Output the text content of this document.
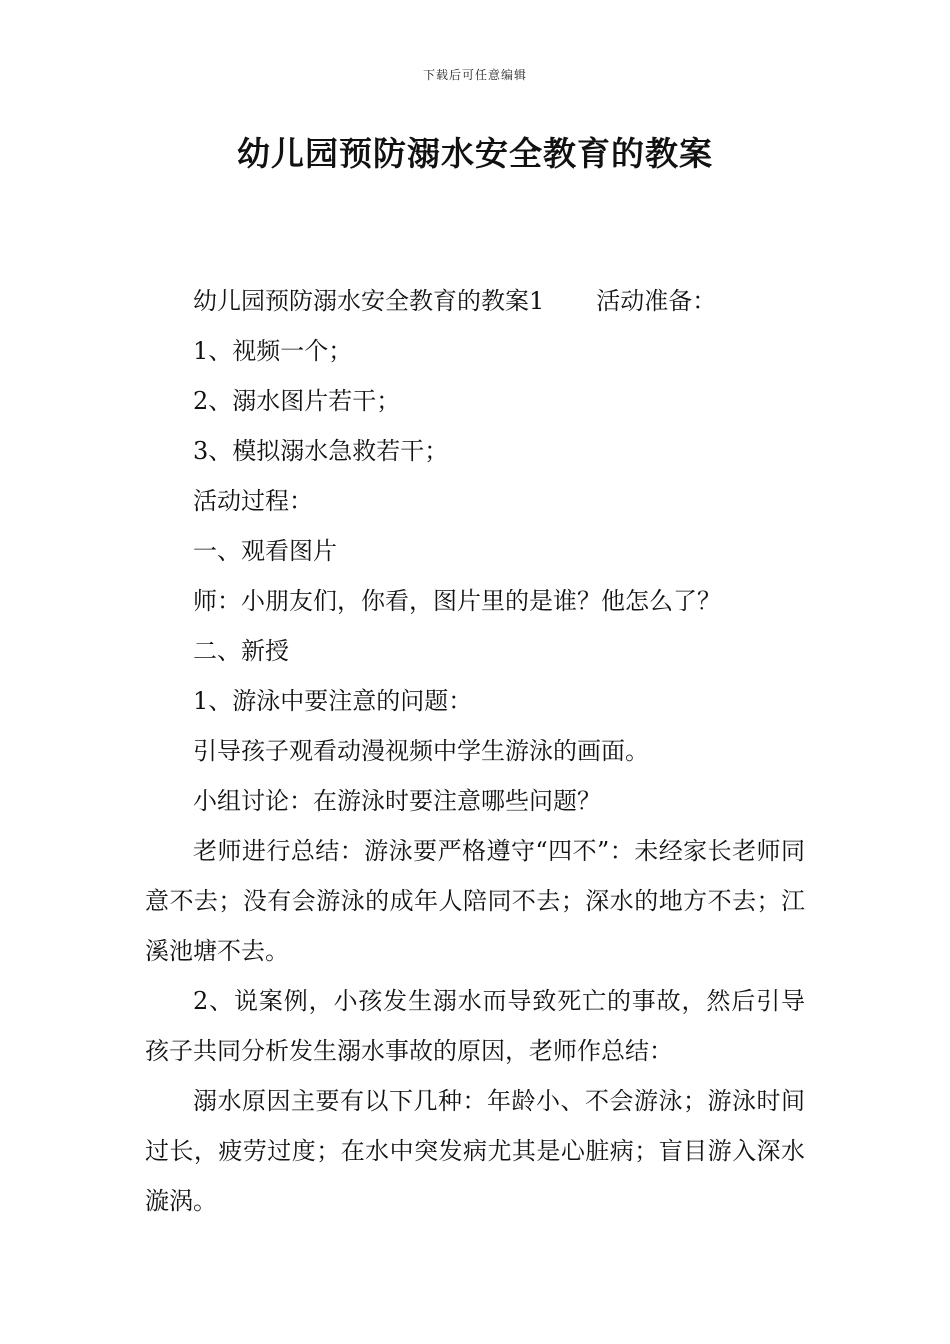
下载后可任意编辑
幼儿园预防溺水安全教育的教案

幼儿园预防溺水安全教育的教案1 活动准备：

1、视频一个；

2、溺水图片若干；

3、模拟溺水急救若干；

活动过程：

一、观看图片

师：小朋友们，你看，图片里的是谁？他怎么了？

二、新授

1、游泳中要注意的问题：

引导孩子观看动漫视频中学生游泳的画面。

小组讨论：在游泳时要注意哪些问题？

老师进行总结：游泳要严格遵守“四不”：未经家长老师同意不去；没有会游泳的成年人陪同不去；深水的地方不去；江溪池塘不去。

2、说案例，小孩发生溺水而导致死亡的事故，然后引导孩子共同分析发生溺水事故的原因，老师作总结：

溺水原因主要有以下几种：年龄小、不会游泳；游泳时间过长，疲劳过度；在水中突发病尤其是心脏病；盲目游入深水漩涡。
